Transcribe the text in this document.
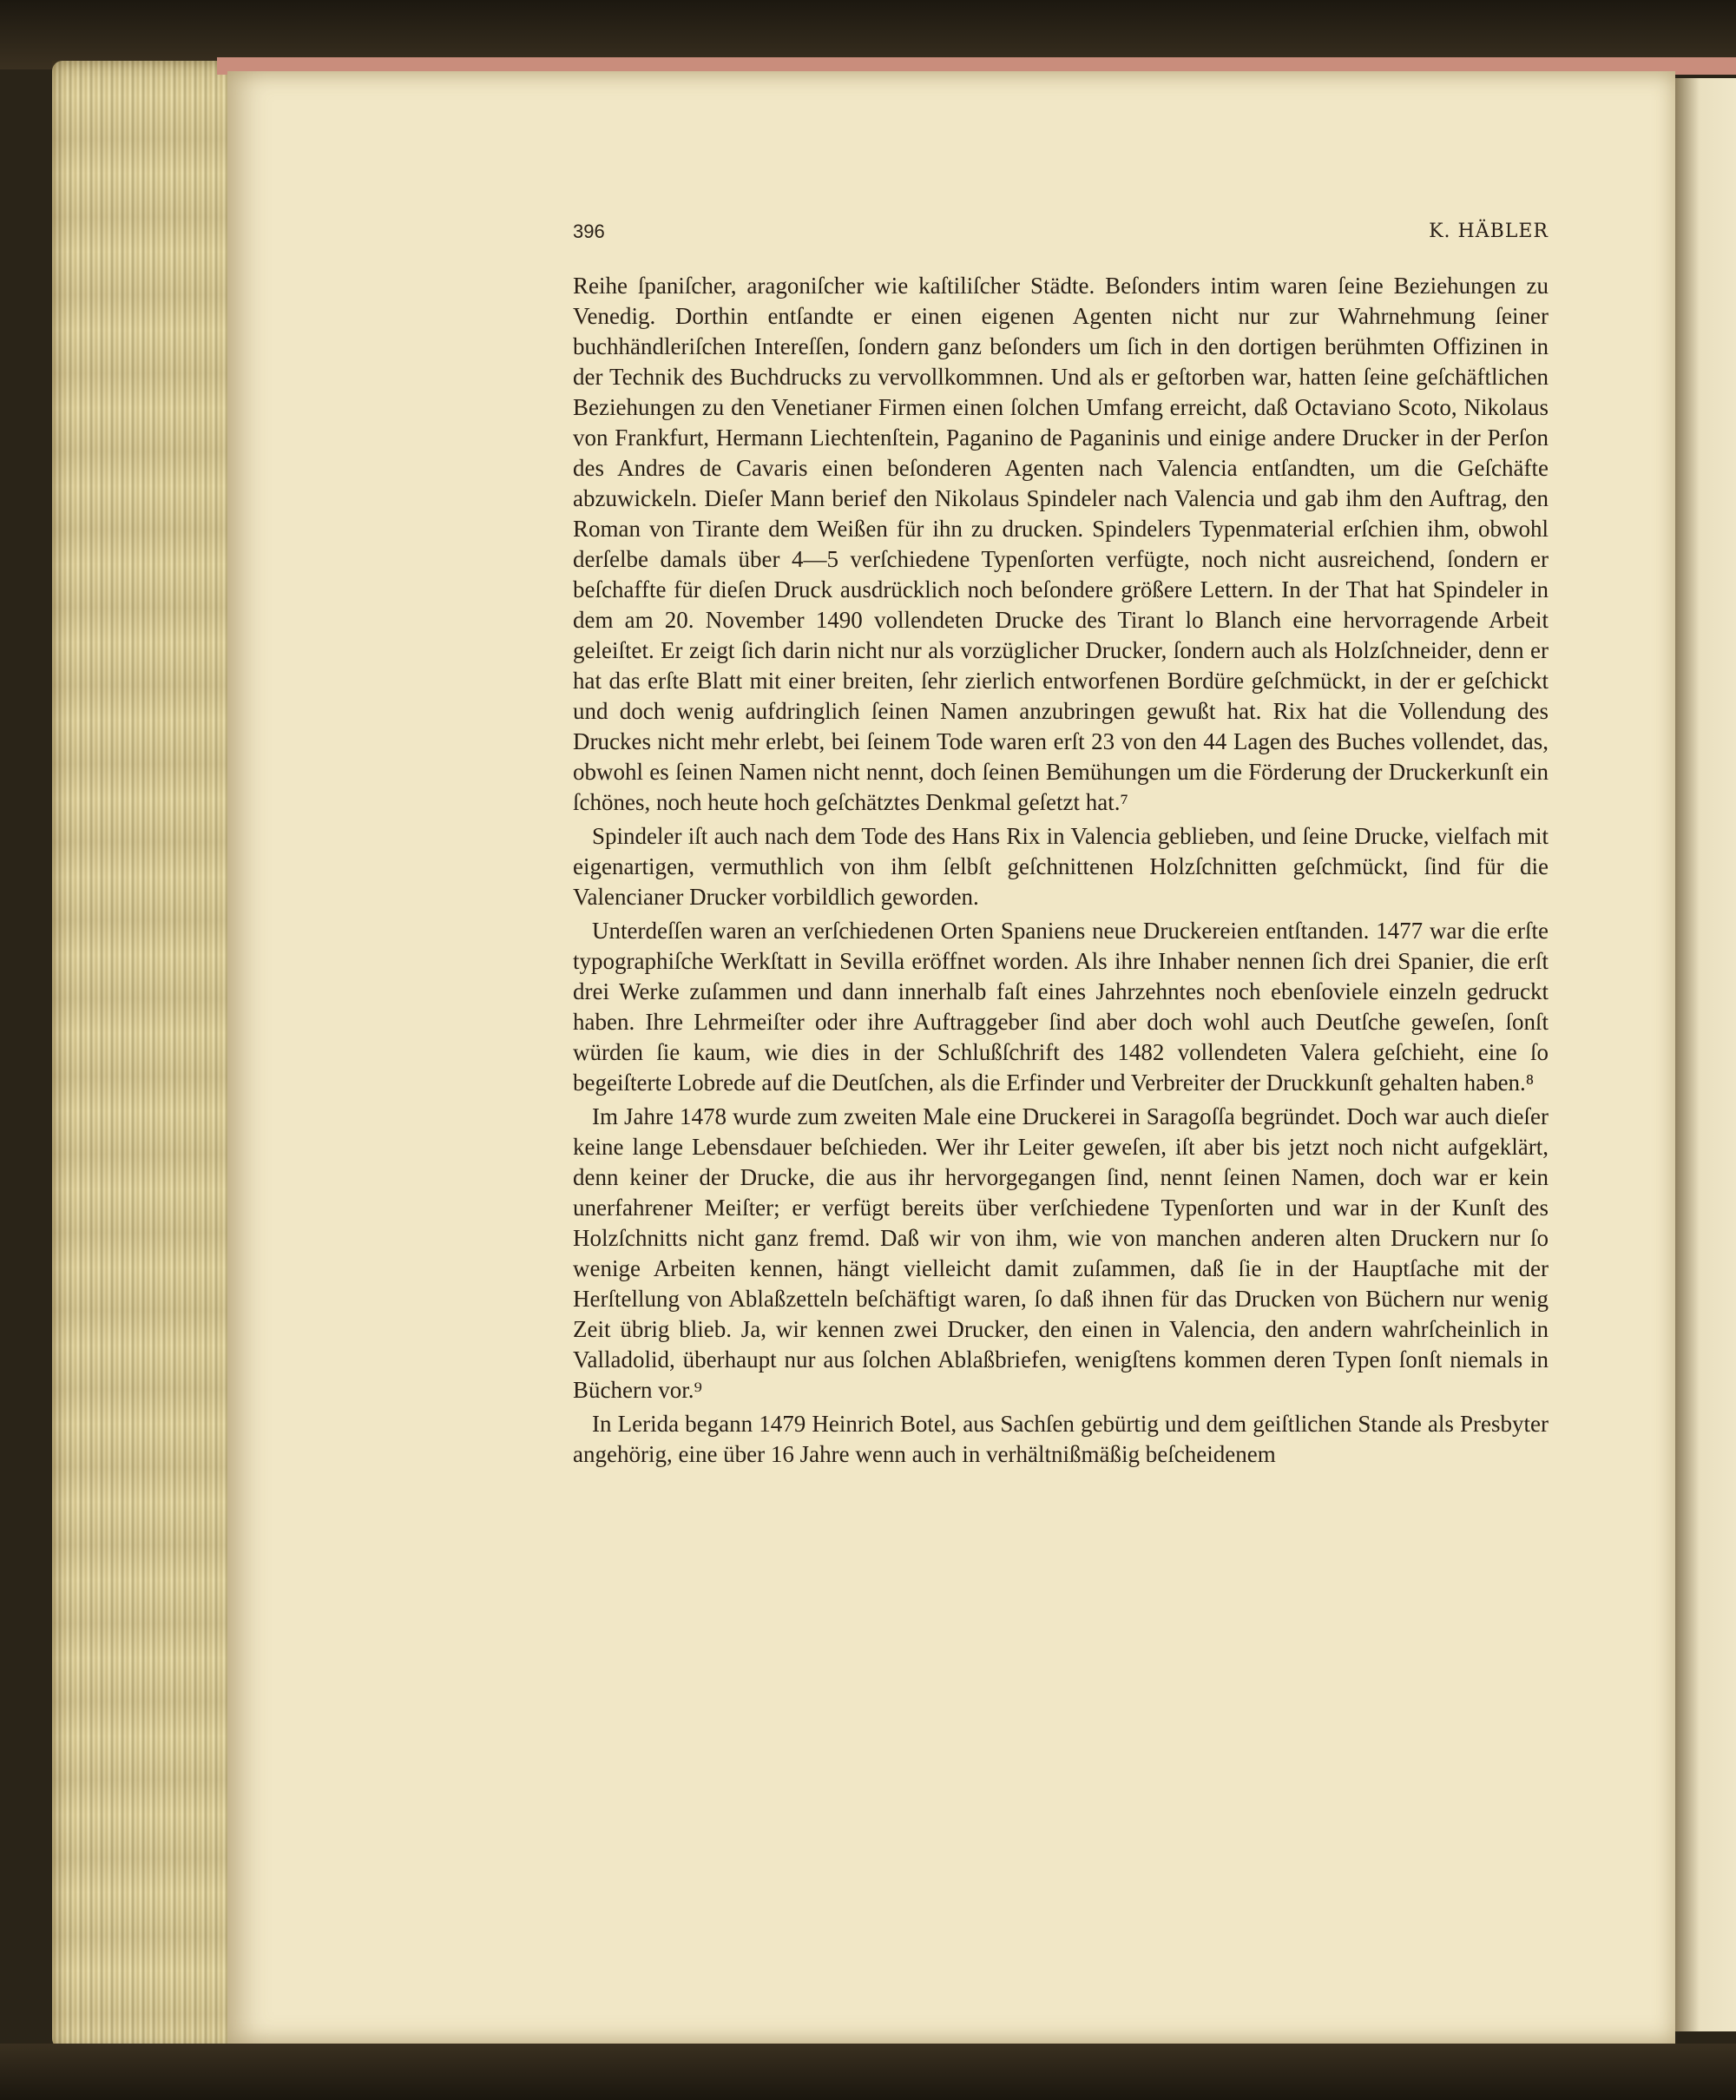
396	K. HÄBLER

Reihe ſpaniſcher, aragoniſcher wie kaſtiliſcher Städte. Beſonders intim waren ſeine Beziehungen zu Venedig. Dorthin entſandte er einen eigenen Agenten nicht nur zur Wahrnehmung ſeiner buchhändleriſchen Intereſſen, ſondern ganz beſonders um ſich in den dortigen berühmten Offizinen in der Technik des Buchdrucks zu vervollkommnen. Und als er geſtorben war, hatten ſeine geſchäftlichen Beziehungen zu den Venetianer Firmen einen ſolchen Umfang erreicht, daß Octaviano Scoto, Nikolaus von Frankfurt, Hermann Liechtenſtein, Paganino de Paganinis und einige andere Drucker in der Perſon des Andres de Cavaris einen beſonderen Agenten nach Valencia entſandten, um die Geſchäfte abzuwickeln. Dieſer Mann berief den Nikolaus Spindeler nach Valencia und gab ihm den Auftrag, den Roman von Tirante dem Weißen für ihn zu drucken. Spindelers Typenmaterial erſchien ihm, obwohl derſelbe damals über 4—5 verſchiedene Typenſorten verfügte, noch nicht ausreichend, ſondern er beſchaffte für dieſen Druck ausdrücklich noch beſondere größere Lettern. In der That hat Spindeler in dem am 20. November 1490 vollendeten Drucke des Tirant lo Blanch eine hervorragende Arbeit geleiſtet. Er zeigt ſich darin nicht nur als vorzüglicher Drucker, ſondern auch als Holzſchneider, denn er hat das erſte Blatt mit einer breiten, ſehr zierlich entworfenen Bordüre geſchmückt, in der er geſchickt und doch wenig aufdringlich ſeinen Namen anzubringen gewußt hat. Rix hat die Vollendung des Druckes nicht mehr erlebt, bei ſeinem Tode waren erſt 23 von den 44 Lagen des Buches vollendet, das, obwohl es ſeinen Namen nicht nennt, doch ſeinen Bemühungen um die Förderung der Druckerkunſt ein ſchönes, noch heute hoch geſchätztes Denkmal geſetzt hat.⁷

Spindeler iſt auch nach dem Tode des Hans Rix in Valencia geblieben, und ſeine Drucke, vielfach mit eigenartigen, vermuthlich von ihm ſelbſt geſchnittenen Holzſchnitten geſchmückt, ſind für die Valencianer Drucker vorbildlich geworden.

Unterdeſſen waren an verſchiedenen Orten Spaniens neue Druckereien entſtanden. 1477 war die erſte typographiſche Werkſtatt in Sevilla eröffnet worden. Als ihre Inhaber nennen ſich drei Spanier, die erſt drei Werke zuſammen und dann innerhalb faſt eines Jahrzehntes noch ebenſoviele einzeln gedruckt haben. Ihre Lehrmeiſter oder ihre Auftraggeber ſind aber doch wohl auch Deutſche geweſen, ſonſt würden ſie kaum, wie dies in der Schlußſchrift des 1482 vollendeten Valera geſchieht, eine ſo begeiſterte Lobrede auf die Deutſchen, als die Erfinder und Verbreiter der Druckkunſt gehalten haben.⁸

Im Jahre 1478 wurde zum zweiten Male eine Druckerei in Saragoſſa begründet. Doch war auch dieſer keine lange Lebensdauer beſchieden. Wer ihr Leiter geweſen, iſt aber bis jetzt noch nicht aufgeklärt, denn keiner der Drucke, die aus ihr hervorgegangen ſind, nennt ſeinen Namen, doch war er kein unerfahrener Meiſter; er verfügt bereits über verſchiedene Typenſorten und war in der Kunſt des Holzſchnitts nicht ganz fremd. Daß wir von ihm, wie von manchen anderen alten Druckern nur ſo wenige Arbeiten kennen, hängt vielleicht damit zuſammen, daß ſie in der Hauptſache mit der Herſtellung von Ablaßzetteln beſchäftigt waren, ſo daß ihnen für das Drucken von Büchern nur wenig Zeit übrig blieb. Ja, wir kennen zwei Drucker, den einen in Valencia, den andern wahrſcheinlich in Valladolid, überhaupt nur aus ſolchen Ablaßbriefen, wenigſtens kommen deren Typen ſonſt niemals in Büchern vor.⁹

In Lerida begann 1479 Heinrich Botel, aus Sachſen gebürtig und dem geiſtlichen Stande als Presbyter angehörig, eine über 16 Jahre wenn auch in verhältnißmäßig beſcheidenem
